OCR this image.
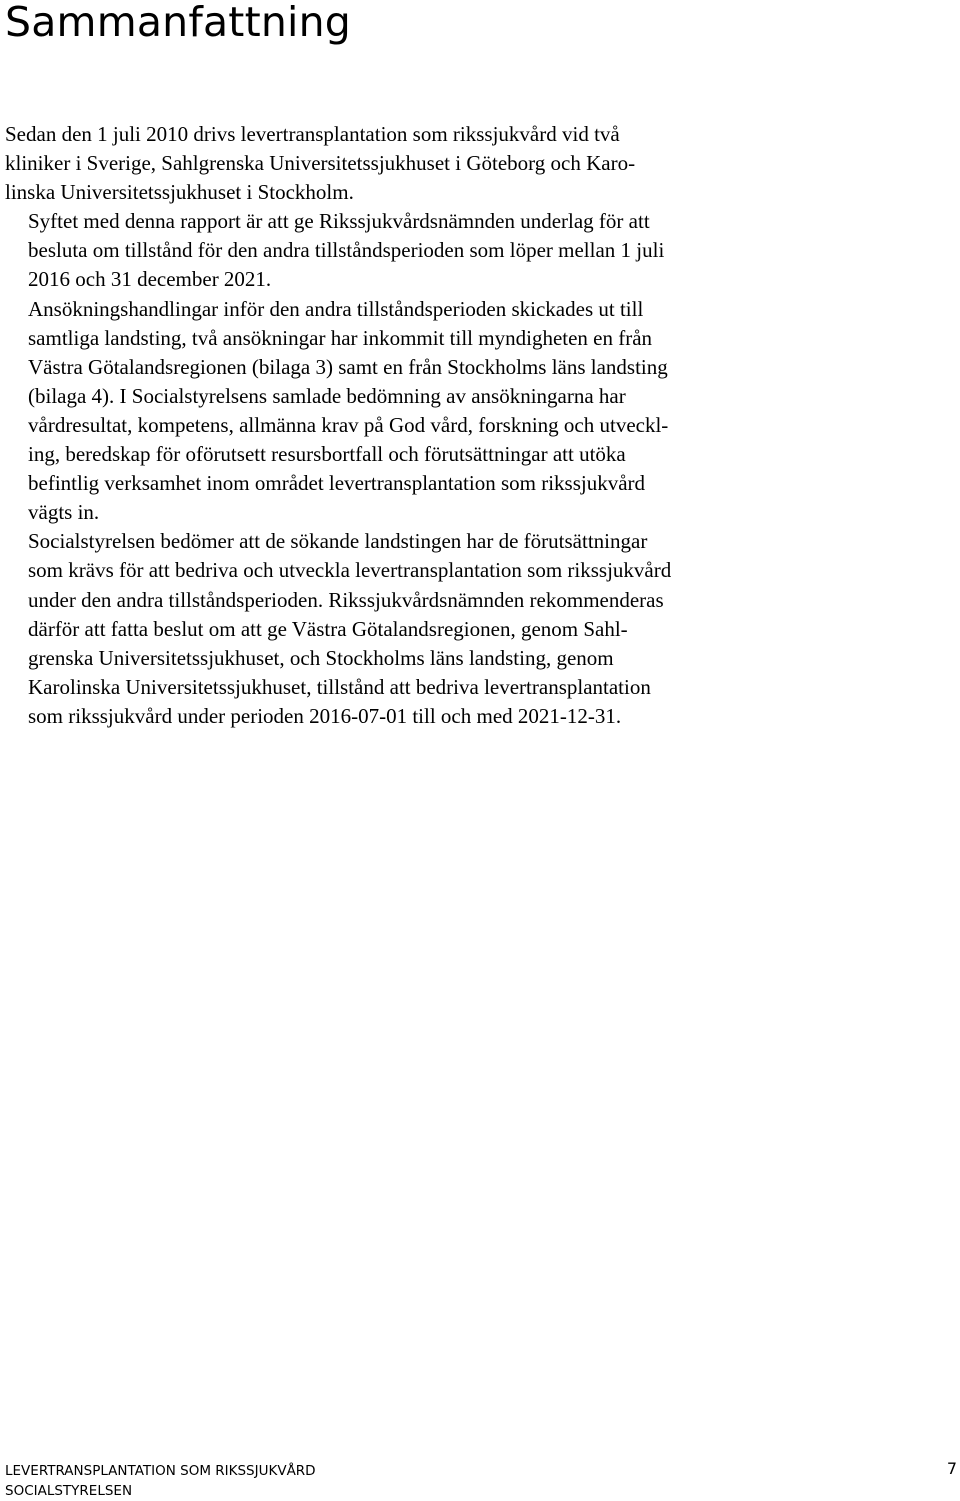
Sammanfattning

Sedan den 1 juli 2010 drivs levertransplantation som rikssjukvård vid två
kliniker i Sverige, Sahlgrenska Universitetssjukhuset i Göteborg och Karo-
linska Universitetssjukhuset i Stockholm.

Syftet med denna rapport är att ge Rikssjukvårdsnämnden underlag för att
besluta om tillstånd för den andra tillståndsperioden som löper mellan 1 juli
2016 och 31 december 2021.

Ansökningshandlingar inför den andra tillståndsperioden skickades ut till
samtliga landsting, två ansökningar har inkommit till myndigheten en från
Västra Götalandsregionen (bilaga 3) samt en från Stockholms läns landsting
(bilaga 4). I Socialstyrelsens samlade bedömning av ansökningarna har
vårdresultat, kompetens, allmänna krav på God vård, forskning och utveckl-
ing, beredskap för oförutsett resursbortfall och förutsättningar att utöka
befintlig verksamhet inom området levertransplantation som rikssjukvård
vägts in.

Socialstyrelsen bedömer att de sökande landstingen har de förutsättningar
som krävs för att bedriva och utveckla levertransplantation som rikssjukvård
under den andra tillståndsperioden. Rikssjukvårdsnämnden rekommenderas
därför att fatta beslut om att ge Västra Götalandsregionen, genom Sahl-
grenska Universitetssjukhuset, och Stockholms läns landsting, genom
Karolinska Universitetssjukhuset, tillstånd att bedriva levertransplantation
som rikssjukvård under perioden 2016-07-01 till och med 2021-12-31.

LEVERTRANSPLANTATION SOM RIKSSJUKVÅRD
SOCIALSTYRELSEN
7
